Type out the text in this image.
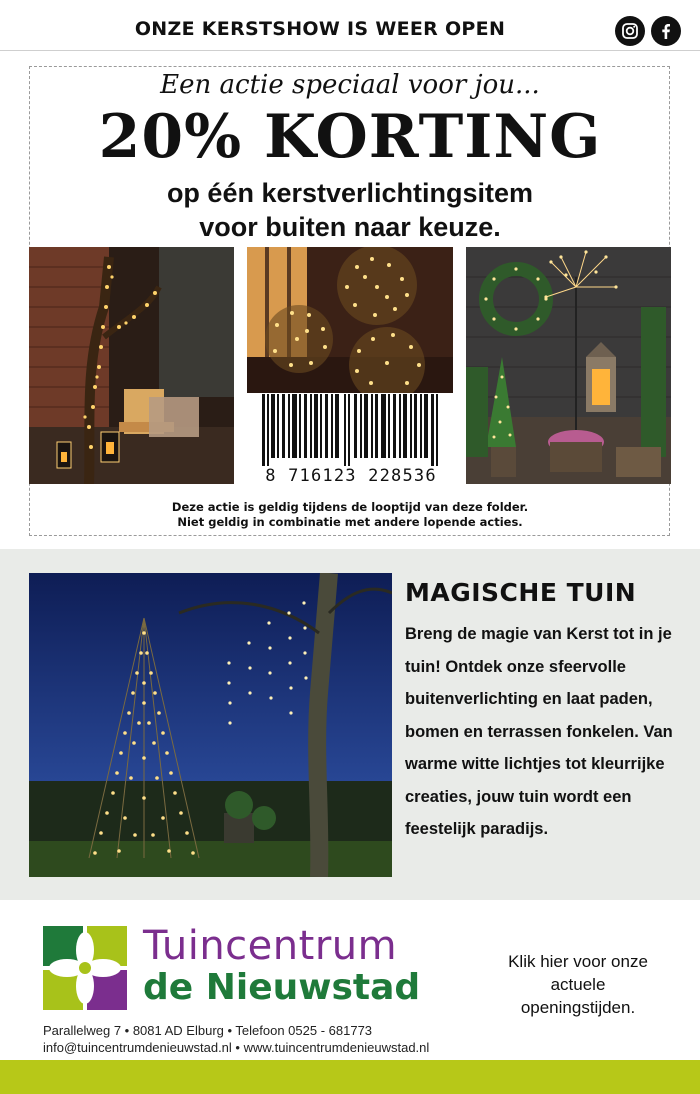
ONZE KERSTSHOW IS WEER OPEN
Een actie speciaal voor jou...
20% KORTING
op één kerstverlichtingsitem
voor buiten naar keuze.
8 716123 228536
Deze actie is geldig tijdens de looptijd van deze folder.
Niet geldig in combinatie met andere lopende acties.
MAGISCHE TUIN
Breng de magie van Kerst tot in je tuin! Ontdek onze sfeervolle buitenverlichting en laat paden, bomen en terrassen fonkelen. Van warme witte lichtjes tot kleurrijke creaties, jouw tuin wordt een feestelijk paradijs.
Tuincentrum
de Nieuwstad
Parallelweg 7 • 8081 AD Elburg • Telefoon 0525 - 681773
info@tuincentrumdenieuwstad.nl • www.tuincentrumdenieuwstad.nl
Klik hier voor onze actuele openingstijden.
